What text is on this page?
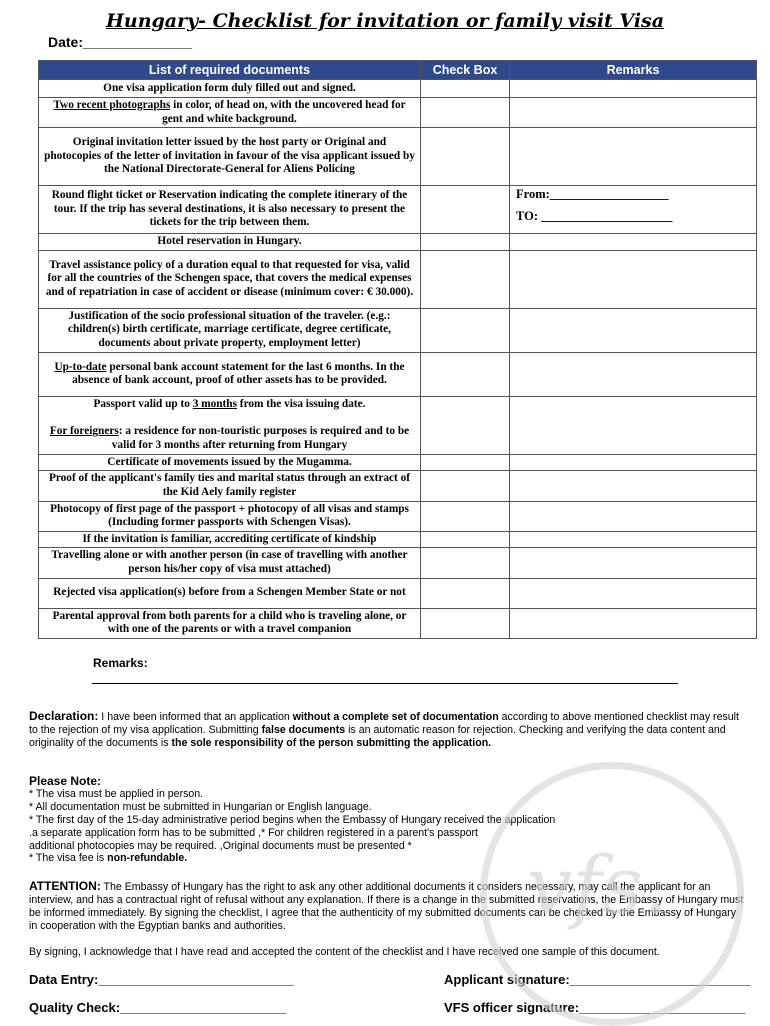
Hungary- Checklist for invitation or family visit Visa
Date:______________
List of required documents	Check Box	Remarks
One visa application form duly filled out and signed.		
Two recent photographs in color, of head on, with the uncovered head for gent and white background.		
Original invitation letter issued by the host party or Original and photocopies of the letter of invitation in favour of the visa applicant issued by the National Directorate-General for Aliens Policing		
Round flight ticket or Reservation indicating the complete itinerary of the tour. If the trip has several destinations, it is also necessary to present the tickets for the trip between them.		From:___________________
TO: _____________________

Hotel reservation in Hungary.		
Travel assistance policy of a duration equal to that requested for visa, valid for all the countries of the Schengen space, that covers the medical expenses and of repatriation in case of accident or disease (minimum cover: € 30.000).		
Justification of the socio professional situation of the traveler. (e.g.: children(s) birth certificate, marriage certificate, degree certificate, documents about private property, employment letter)		
Up-to-date personal bank account statement for the last 6 months. In the absence of bank account, proof of other assets has to be provided.		

Passport valid up to 3 months from the visa issuing date.
For foreigners: a residence for non-touristic purposes is required and to be valid for 3 months after returning from Hungary		

Certificate of movements issued by the Mugamma.		
Proof of the applicant's family ties and marital status through an extract of the Kid Aely family register		
Photocopy of first page of the passport + photocopy of all visas and stamps (Including former passports with Schengen Visas).		
If the invitation is familiar, accrediting certificate of kindship		
Travelling alone or with another person (in case of travelling with another person his/her copy of visa must attached)		
Rejected visa application(s) before from a Schengen Member State or not		
Parental approval from both parents for a child who is traveling alone, or with one of the parents or with a travel companion		
Remarks:
Declaration: I have been informed that an application without a complete set of documentation according to above mentioned checklist may result to the rejection of my visa application. Submitting false documents is an automatic reason for rejection. Checking and verifying the data content and originality of the documents is the sole responsibility of the person submitting the application.
Please Note:
* The visa must be applied in person.
* All documentation must be submitted in Hungarian or English language.
* The first day of the 15-day administrative period begins when the Embassy of Hungary received the application
.a separate application form has to be submitted ,* For children registered in a parent's passport
additional photocopies may be required. ,Original documents must be presented *
* The visa fee is non-refundable.
ATTENTION: The Embassy of Hungary has the right to ask any other additional documents it considers necessary, may call the applicant for an interview, and has a contractual right of refusal without any explanation. If there is a change in the submitted reservations, the Embassy of Hungary must be informed immediately. By signing the checklist, I agree that the authenticity of my submitted documents can be checked by the Embassy of Hungary in cooperation with the Egyptian banks and authorities.
By signing, I acknowledge that I have read and accepted the content of the checklist and I have received one sample of this document.
Data Entry:___________________________	Applicant signature:_________________________
Quality Check:_______________________	VFS officer signature:_______________________
vfs.
